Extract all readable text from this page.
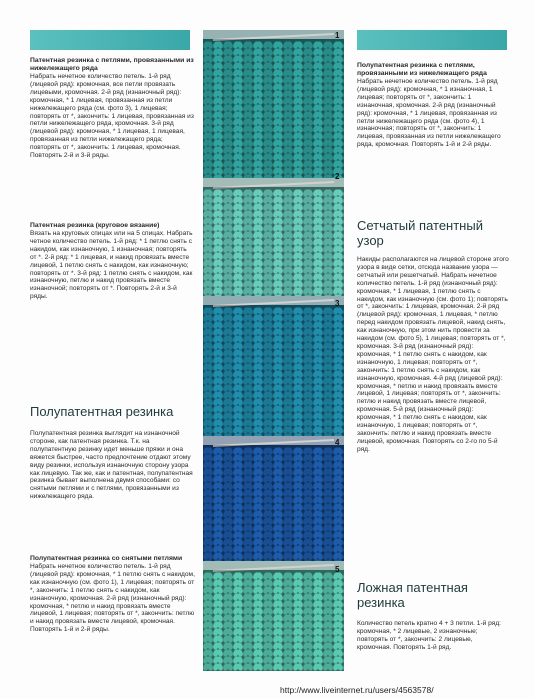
Патентная резинка с петлями, провязанными из нижележащего ряда

Набрать нечетное количество петель. 1-й ряд (лицевой ряд): кромочная, все петли провязать лицевыми, кромочная. 2-й ряд (изнаночный ряд): кромочная, * 1 лицевая, провязанная из петли нижележащего ряда (см. фото 3), 1 лицевая; повторять от *, закончить: 1 лицевая, провязанная из петли нижележащего ряда, кромочная. 3-й ряд (лицевой ряд): кромочная, * 1 лицевая, 1 лицевая, провязанная из петли нижележащего ряда; повторять от *, закончить: 1 лицевая, кромочная. Повторять 2-й и 3-й ряды.

Патентная резинка (круговое вязание)

Вязать на круговых спицах или на 5 спицах. Набрать четное количество петель. 1-й ряд: * 1 петлю снять с накидом, как изнаночную, 1 изнаночная; повторять от *. 2-й ряд: * 1 лицевая, и накид провязать вместе лицевой, 1 петлю снять с накидом, как изнаночную; повторять от *. 3-й ряд: 1 петлю снять с накидом, как изнаночную, петлю и накид провязать вместе изнаночной; повторять от *. Повторять 2-й и 3-й ряды.

Полупатентная резинка

Полупатентная резинка выглядит на изнаночной стороне, как патентная резинка. Т.к. на полупатентную резинку идет меньше пряжи и она вяжется быстрее, часто предпочтение отдают этому виду резинки, используя изнаночную сторону узора как лицевую. Так же, как и патентная, полупатентная резинка бывает выполнена двумя способами: со снятыми петлями и с петлями, провязанными из нижележащего ряда.

Полупатентная резинка со снятыми петлями

Набрать нечетное количество петель. 1-й ряд (лицевой ряд): кромочная, * 1 петлю снять с накидом, как изнаночную (см. фото 1), 1 лицевая; повторять от *, закончить: 1 петлю снять с накидом, как изнаночную, кромочная. 2-й ряд (изнаночный ряд): кромочная, * петлю и накид провязать вместе лицевой, 1 лицевая; повторять от *, закончить: петлю и накид провязать вместе лицевой, кромочная. Повторять 1-й и 2-й ряды.

1
2
3
4
5

Полупатентная резинка с петлями, провязанными из нижележащего ряда

Набрать нечетное количество петель. 1-й ряд (лицевой ряд): кромочная, * 1 изнаночная, 1 лицевая; повторять от *, закончить: 1 изнаночная, кромочная. 2-й ряд (изнаночный ряд): кромочная, * 1 лицевая, провязанная из петли нижележащего ряда (см. фото 4), 1 изнаночная; повторять от *, закончить: 1 лицевая, провязанная из петли нижележащего ряда, кромочная. Повторять 1-й и 2-й ряды.

Сетчатый патентный узор

Накиды располагаются на лицевой стороне этого узора в виде сетки, отсюда название узора — сетчатый или решетчатый. Набрать нечетное количество петель. 1-й ряд (изнаночный ряд): кромочная, * 1 лицевая, 1 петлю снять с накидом, как изнаночную (см. фото 1); повторять от *, закончить: 1 лицевая, кромочная. 2-й ряд (лицевой ряд): кромочная, 1 лицевая, * петлю перед накидом провязать лицевой, накид снять, как изнаночную, при этом нить провести за накидом (см. фото 5), 1 лицевая; повторять от *, кромочная. 3-й ряд (изнаночный ряд): кромочная, * 1 петлю снять с накидом, как изнаночную, 1 лицевая; повторять от *, закончить: 1 петлю снять с накидом, как изнаночную, кромочная. 4-й ряд (лицевой ряд): кромочная, * петлю и накид провязать вместе лицевой, 1 лицевая; повторять от *, закончить: петлю и накид провязать вместе лицевой, кромочная. 5-й ряд (изнаночный ряд): кромочная, * 1 петлю снять с накидом, как изнаночную, 1 лицевая; повторять от *, закончить: петлю и накид провязать вместе лицевой, кромочная. Повторять со 2-го по 5-й ряд.

Ложная патентная резинка

Количество петель кратно 4 + 3 петли. 1-й ряд: кромочная, * 2 лицевые, 2 изнаночные; повторять от *, закончить: 2 лицевые, кромочная. Повторять 1-й ряд.

http://www.liveinternet.ru/users/4563578/
